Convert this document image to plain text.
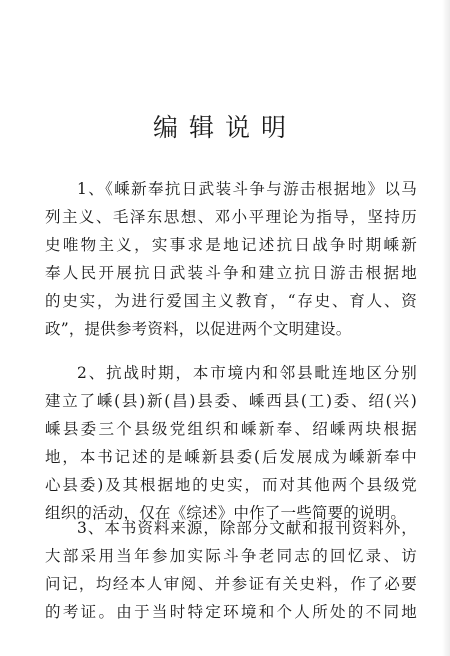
编辑说明
1、《嵊新奉抗日武装斗争与游击根据地》以马
列主义、毛泽东思想、邓小平理论为指导，坚持历
史唯物主义，实事求是地记述抗日战争时期嵊新
奉人民开展抗日武装斗争和建立抗日游击根据地
的史实，为进行爱国主义教育，“存史、育人、资
政”，提供参考资料，以促进两个文明建设。
2、抗战时期，本市境内和邻县毗连地区分别
建立了嵊(县)新(昌)县委、嵊西县(工)委、绍(兴)
嵊县委三个县级党组织和嵊新奉、绍嵊两块根据
地，本书记述的是嵊新县委(后发展成为嵊新奉中
心县委)及其根据地的史实，而对其他两个县级党
组织的活动，仅在《综述》中作了一些简要的说明。
3、本书资料来源，除部分文献和报刊资料外，
大部采用当年参加实际斗争老同志的回忆录、访
问记，均经本人审阅、并参证有关史料，作了必要
的考证。由于当时特定环境和个人所处的不同地
